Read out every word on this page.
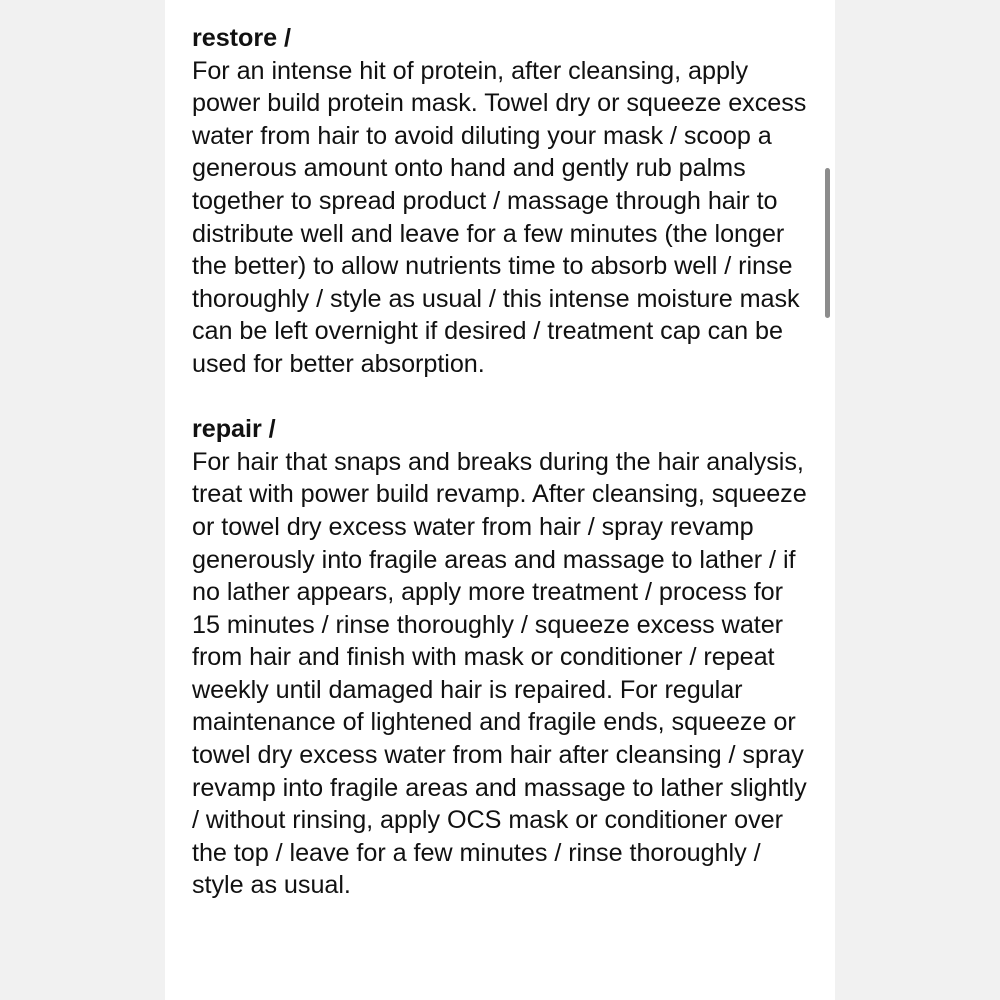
restore /
For an intense hit of protein, after cleansing, apply power build protein mask. Towel dry or squeeze excess water from hair to avoid diluting your mask / scoop a generous amount onto hand and gently rub palms together to spread product / massage through hair to distribute well and leave for a few minutes (the longer the better) to allow nutrients time to absorb well / rinse thoroughly / style as usual / this intense moisture mask can be left overnight if desired / treatment cap can be used for better absorption.
repair /
For hair that snaps and breaks during the hair analysis, treat with power build revamp. After cleansing, squeeze or towel dry excess water from hair / spray revamp generously into fragile areas and massage to lather / if no lather appears, apply more treatment / process for 15 minutes / rinse thoroughly / squeeze excess water from hair and finish with mask or conditioner / repeat weekly until damaged hair is repaired. For regular maintenance of lightened and fragile ends, squeeze or towel dry excess water from hair after cleansing / spray revamp into fragile areas and massage to lather slightly / without rinsing, apply OCS mask or conditioner over the top / leave for a few minutes / rinse thoroughly / style as usual.
